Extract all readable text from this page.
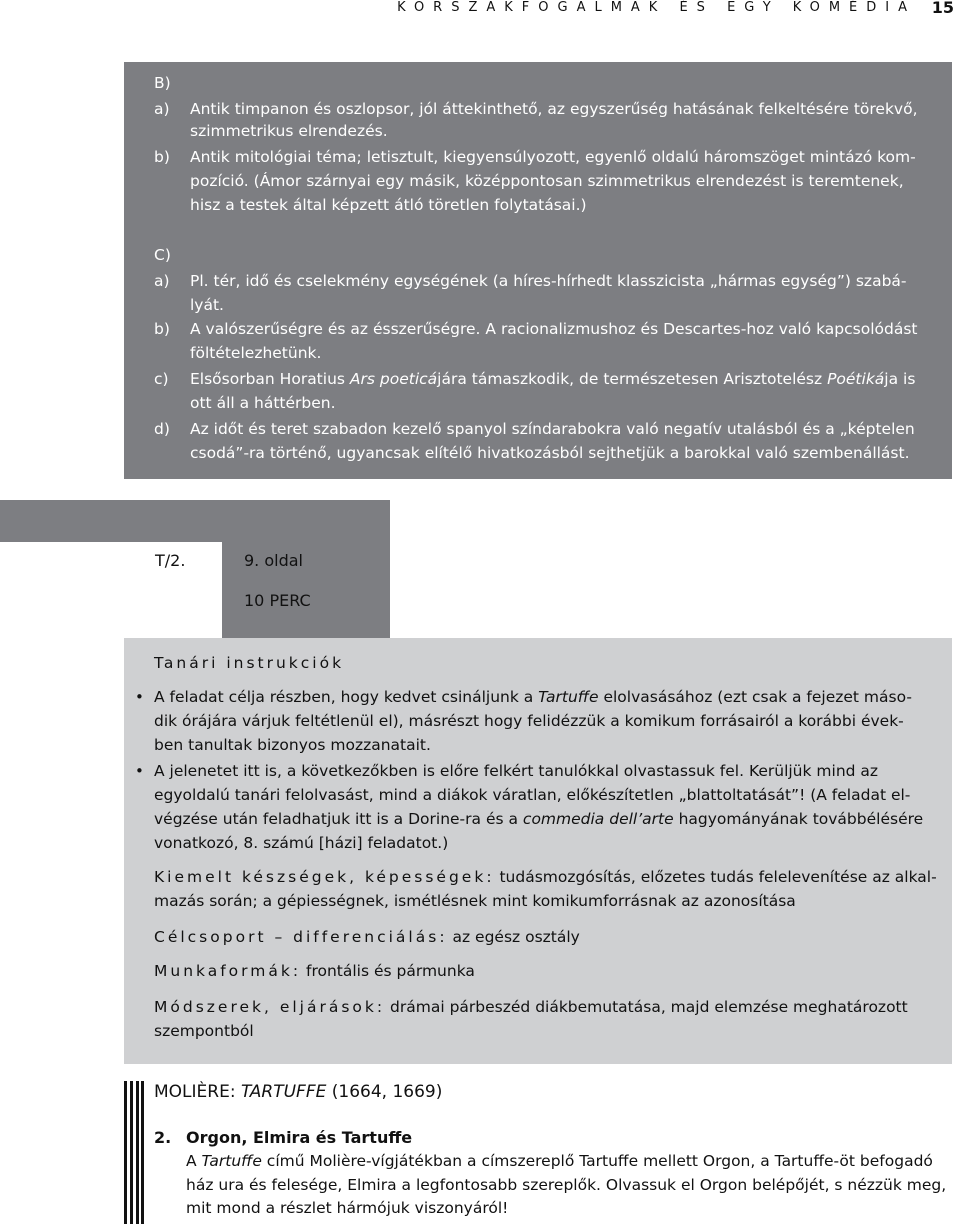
KORSZAKFOGALMAK ÉS EGY KOMÉDIA 15
B)
a) Antik timpanon és oszlopsor, jól áttekinthető, az egyszerűség hatásának felkeltésére törekvő,
szimmetrikus elrendezés.
b) Antik mitológiai téma; letisztult, kiegyensúlyozott, egyenlő oldalú háromszöget mintázó kom-
pozíció. (Ámor szárnyai egy másik, középpontosan szimmetrikus elrendezést is teremtenek,
hisz a testek által képzett átló töretlen folytatásai.)
C)
a) Pl. tér, idő és cselekmény egységének (a híres-hírhedt klasszicista „hármas egység”) szabá-
lyát.
b) A valószerűségre és az ésszerűségre. A racionalizmushoz és Descartes-hoz való kapcsolódást
föltételezhetünk.
c) Elsősorban Horatius Ars poeticájára támaszkodik, de természetesen Arisztotelész Poétikája is
ott áll a háttérben.
d) Az időt és teret szabadon kezelő spanyol színdarabokra való negatív utalásból és a „képtelen
csodá”-ra történő, ugyancsak elítélő hivatkozásból sejthetjük a barokkal való szembenállást.
T/2.	9. oldal
10 PERC
Tanári instrukciók
• A feladat célja részben, hogy kedvet csináljunk a Tartuffe elolvasásához (ezt csak a fejezet máso-
dik órájára várjuk feltétlenül el), másrészt hogy felidézzük a komikum forrásairól a korábbi évek-
ben tanultak bizonyos mozzanatait.
• A jelenetet itt is, a következőkben is előre felkért tanulókkal olvastassuk fel. Kerüljük mind az
egyoldalú tanári felolvasást, mind a diákok váratlan, előkészítetlen „blattoltatását”! (A feladat el-
végzése után feladhatjuk itt is a Dorine-ra és a commedia dell’arte hagyományának továbbélésére
vonatkozó, 8. számú [házi] feladatot.)
Kiemelt készségek, képességek: tudásmozgósítás, előzetes tudás felelevenítése az alkal-
mazás során; a gépiességnek, ismétlésnek mint komikumforrásnak az azonosítása
Célcsoport – differenciálás: az egész osztály
Munkaformák: frontális és pármunka
Módszerek, eljárások: drámai párbeszéd diákbemutatása, majd elemzése meghatározott
szempontból
MOLIÈRE: TARTUFFE (1664, 1669)
2. Orgon, Elmira és Tartuffe
A Tartuffe című Molière-vígjátékban a címszereplő Tartuffe mellett Orgon, a Tartuffe-öt befogadó
ház ura és felesége, Elmira a legfontosabb szereplők. Olvassuk el Orgon belépőjét, s nézzük meg,
mit mond a részlet hármójuk viszonyáról!
